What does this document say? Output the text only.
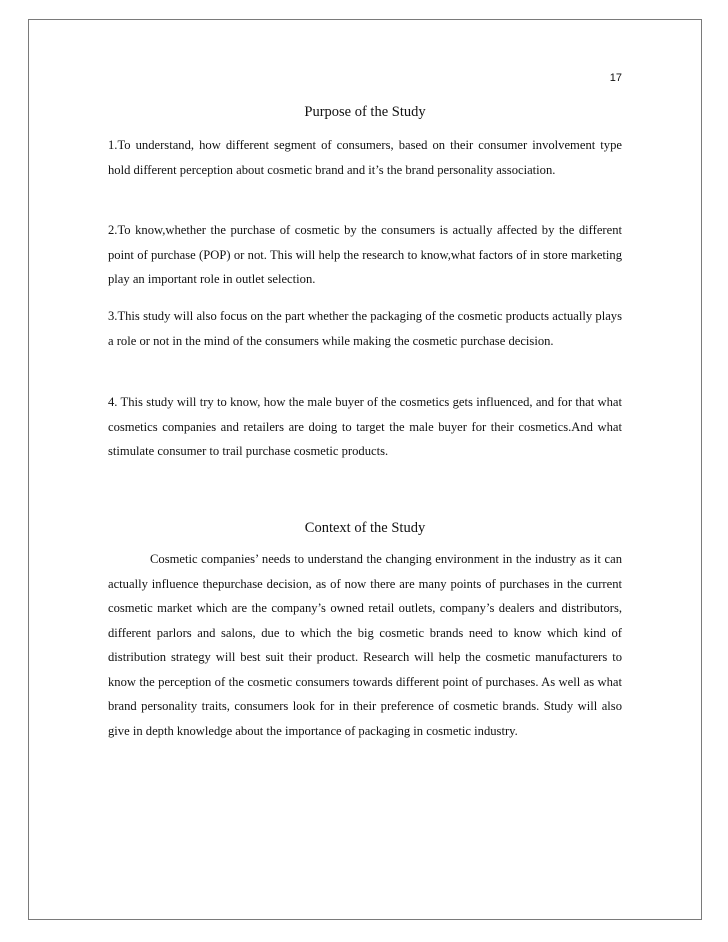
17
Purpose of the Study

1.To understand, how different segment of consumers, based on their consumer involvement type hold different perception about cosmetic brand and it’s the brand personality association.

2.To know,whether the purchase of cosmetic by the consumers is actually affected by the different point of purchase (POP) or not. This will help the research to know,what factors of in store marketing play an important role in outlet selection.

3.This study will also focus on the part whether the packaging of the cosmetic products actually plays a role or not in the mind of the consumers while making the cosmetic purchase decision.

4. This study will try to know, how the male buyer of the cosmetics gets influenced, and for that what cosmetics companies and retailers are doing to target the male buyer for their cosmetics.And what stimulate consumer to trail purchase cosmetic products.

Context of the Study

Cosmetic companies’ needs to understand the changing environment in the industry as it can actually influence thepurchase decision, as of now there are many points of purchases in the current cosmetic market which are the company’s owned retail outlets, company’s dealers and distributors, different parlors and salons, due to which the big cosmetic brands need to know which kind of distribution strategy will best suit their product. Research will help the cosmetic manufacturers to know the perception of the cosmetic consumers towards different point of purchases. As well as what brand personality traits, consumers look for in their preference of cosmetic brands. Study will also give in depth knowledge about the importance of packaging in cosmetic industry.
